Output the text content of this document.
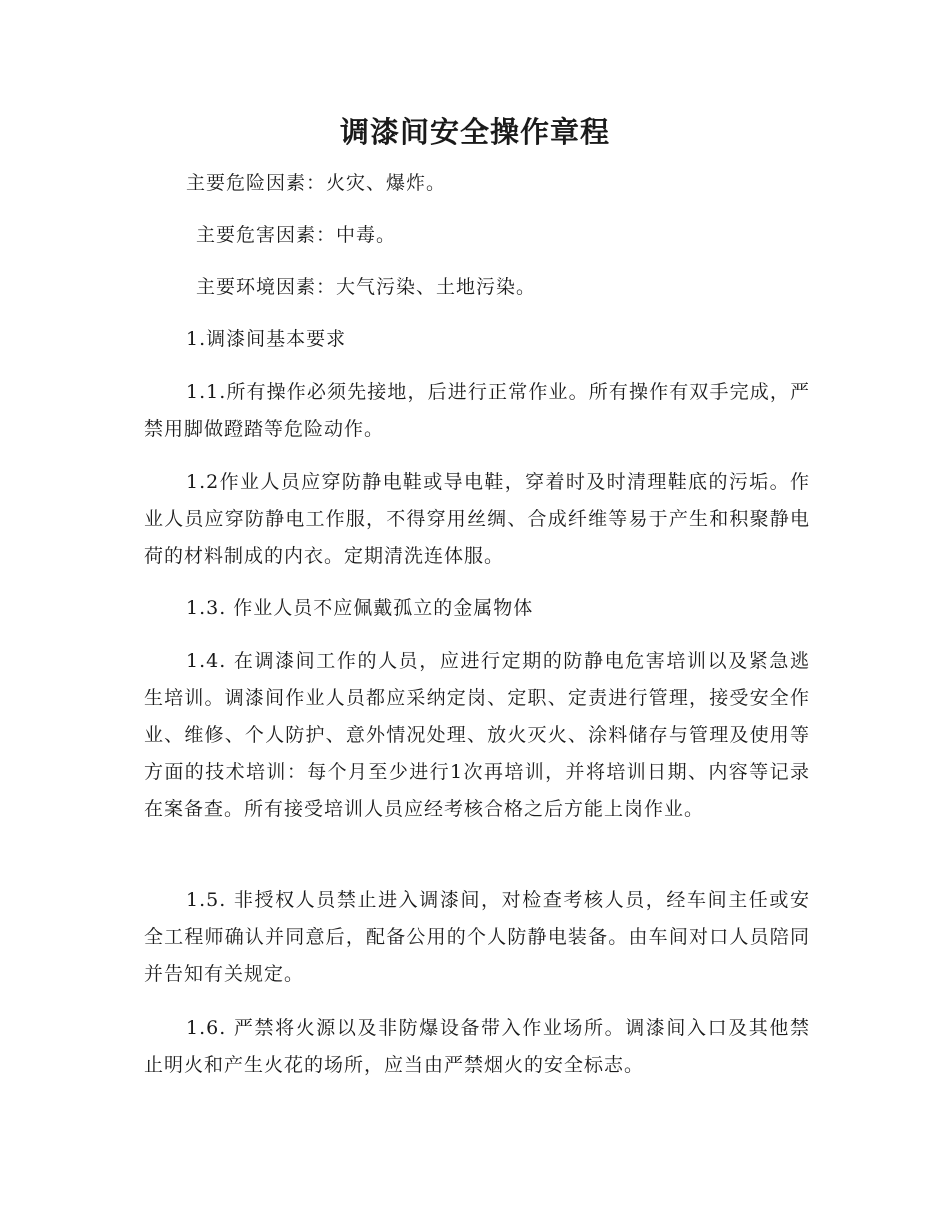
调漆间安全操作章程
主要危险因素：火灾、爆炸。
主要危害因素：中毒。
主要环境因素：大气污染、土地污染。
1.调漆间基本要求
1.1.所有操作必须先接地，后进行正常作业。所有操作有双手完成，严禁用脚做蹬踏等危险动作。
1.2作业人员应穿防静电鞋或导电鞋，穿着时及时清理鞋底的污垢。作业人员应穿防静电工作服，不得穿用丝绸、合成纤维等易于产生和积聚静电荷的材料制成的内衣。定期清洗连体服。
1.3. 作业人员不应佩戴孤立的金属物体
1.4. 在调漆间工作的人员，应进行定期的防静电危害培训以及紧急逃生培训。调漆间作业人员都应采纳定岗、定职、定责进行管理，接受安全作业、维修、个人防护、意外情况处理、放火灭火、涂料储存与管理及使用等方面的技术培训：每个月至少进行1次再培训，并将培训日期、内容等记录在案备查。所有接受培训人员应经考核合格之后方能上岗作业。
1.5. 非授权人员禁止进入调漆间，对检查考核人员，经车间主任或安全工程师确认并同意后，配备公用的个人防静电装备。由车间对口人员陪同并告知有关规定。
1.6. 严禁将火源以及非防爆设备带入作业场所。调漆间入口及其他禁止明火和产生火花的场所，应当由严禁烟火的安全标志。
